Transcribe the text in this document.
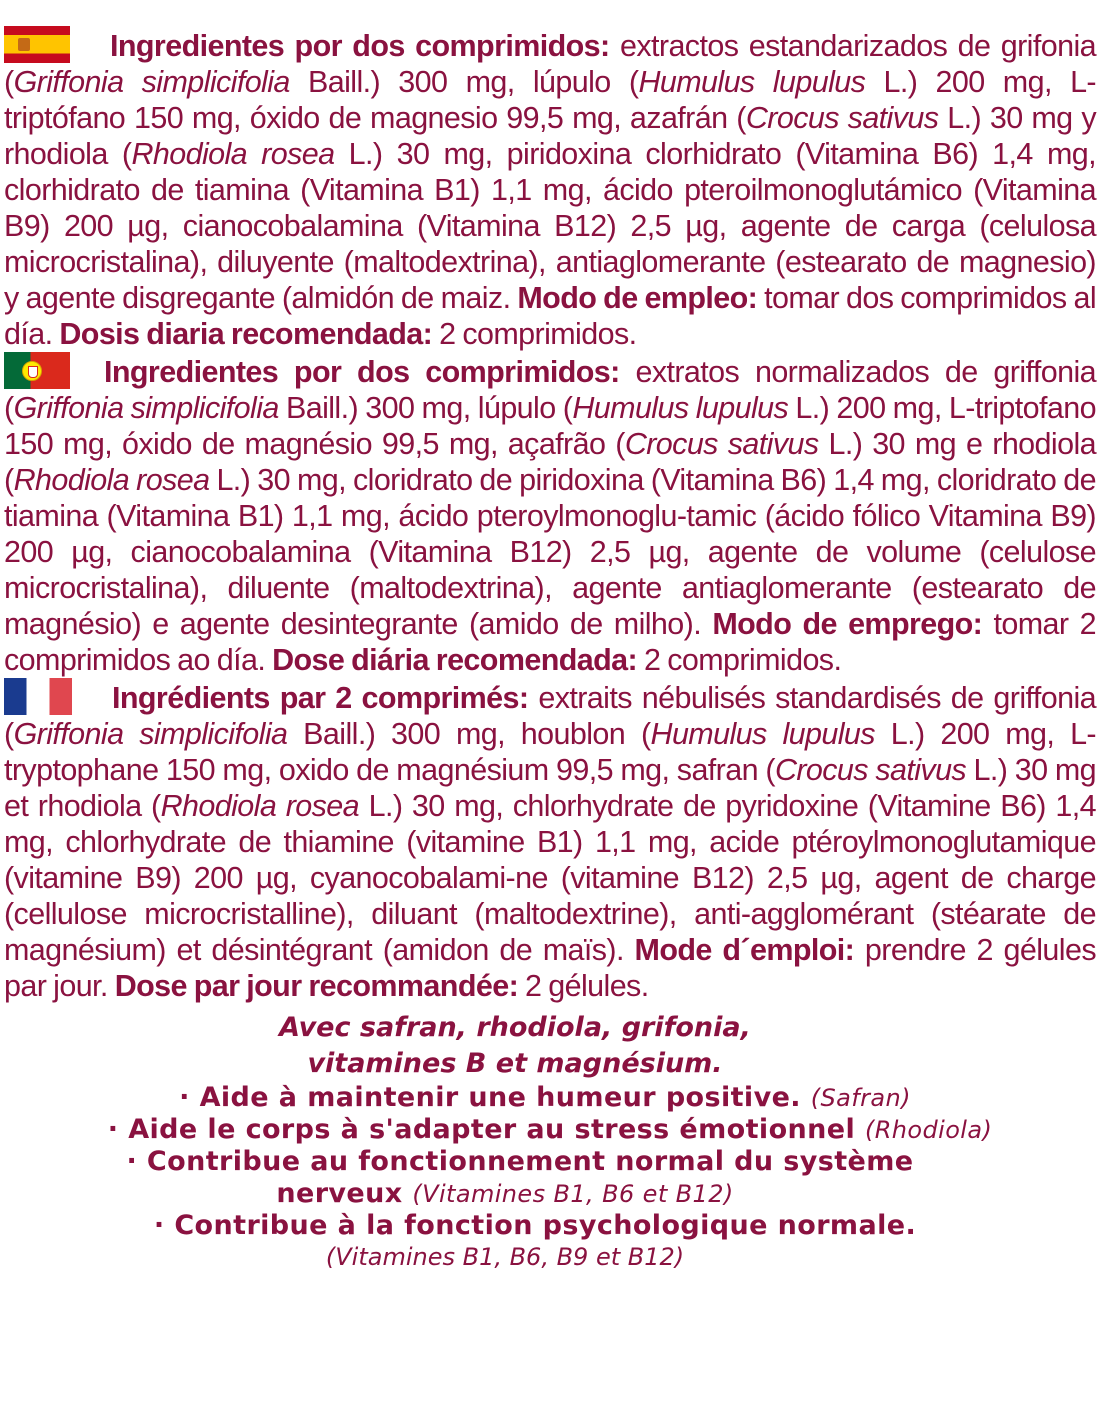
Ingredientes por dos comprimidos: extractos estandarizados de grifonia (Griffonia simplicifolia Baill.) 300 mg, lúpulo (Humulus lupulus L.) 200 mg, L- triptófano 150 mg, óxido de magnesio 99,5 mg, azafrán (Crocus sativus L.) 30 mg y rhodiola (Rhodiola rosea L.) 30 mg, piridoxina clorhidrato (Vitamina B6) 1,4 mg, clorhidrato de tiamina (Vitamina B1) 1,1 mg, ácido pteroilmonoglutámico (Vitamina B9) 200 µg, cianocobalamina (Vitamina B12) 2,5 µg, agente de carga (celulosa microcristalina), diluyente (maltodextrina), antiaglomerante (estearato de magnesio) y agente disgregante (almidón de maiz. Modo de empleo: tomar dos comprimidos al día. Dosis diaria recomendada: 2 comprimidos.

Ingredientes por dos comprimidos: extratos normalizados de griffonia (Griffonia simplicifolia Baill.) 300 mg, lúpulo (Humulus lupulus L.) 200 mg, L-triptofano 150 mg, óxido de magnésio 99,5 mg, açafrão (Crocus sativus L.) 30 mg e rhodiola (Rhodiola rosea L.) 30 mg, cloridrato de piridoxina (Vitamina B6) 1,4 mg, cloridrato de tiamina (Vitamina B1) 1,1 mg, ácido pteroylmonoglu-tamic (ácido fólico Vitamina B9) 200 µg, cianocobalamina (Vitamina B12) 2,5 µg, agente de volume (celulose microcristalina), diluente (maltodextrina), agente antiaglomerante (estearato de magnésio) e agente desintegrante (amido de milho). Modo de emprego: tomar 2 comprimidos ao día. Dose diária recomendada: 2 comprimidos.

Ingrédients par 2 comprimés: extraits nébulisés standardisés de griffonia (Griffonia simplicifolia Baill.) 300 mg, houblon (Humulus lupulus L.) 200 mg, L-tryptophane 150 mg, oxido de magnésium 99,5 mg, safran (Crocus sativus L.) 30 mg et rhodiola (Rhodiola rosea L.) 30 mg, chlorhydrate de pyridoxine (Vitamine B6) 1,4 mg, chlorhydrate de thiamine (vitamine B1) 1,1 mg, acide ptéroylmonoglutamique (vitamine B9) 200 µg, cyanocobalami-ne (vitamine B12) 2,5 µg, agent de charge (cellulose microcristalline), diluant (maltodextrine), anti-agglomérant (stéarate de magnésium) et désintégrant (amidon de maïs). Mode d´emploi: prendre 2 gélules par jour. Dose par jour recommandée: 2 gélules.

Avec safran, rhodiola, grifonia,
vitamines B et magnésium.
· Aide à maintenir une humeur positive. (Safran)
· Aide le corps à s'adapter au stress émotionnel (Rhodiola)
· Contribue au fonctionnement normal du système
nerveux (Vitamines B1, B6 et B12)
· Contribue à la fonction psychologique normale.
(Vitamines B1, B6, B9 et B12)
